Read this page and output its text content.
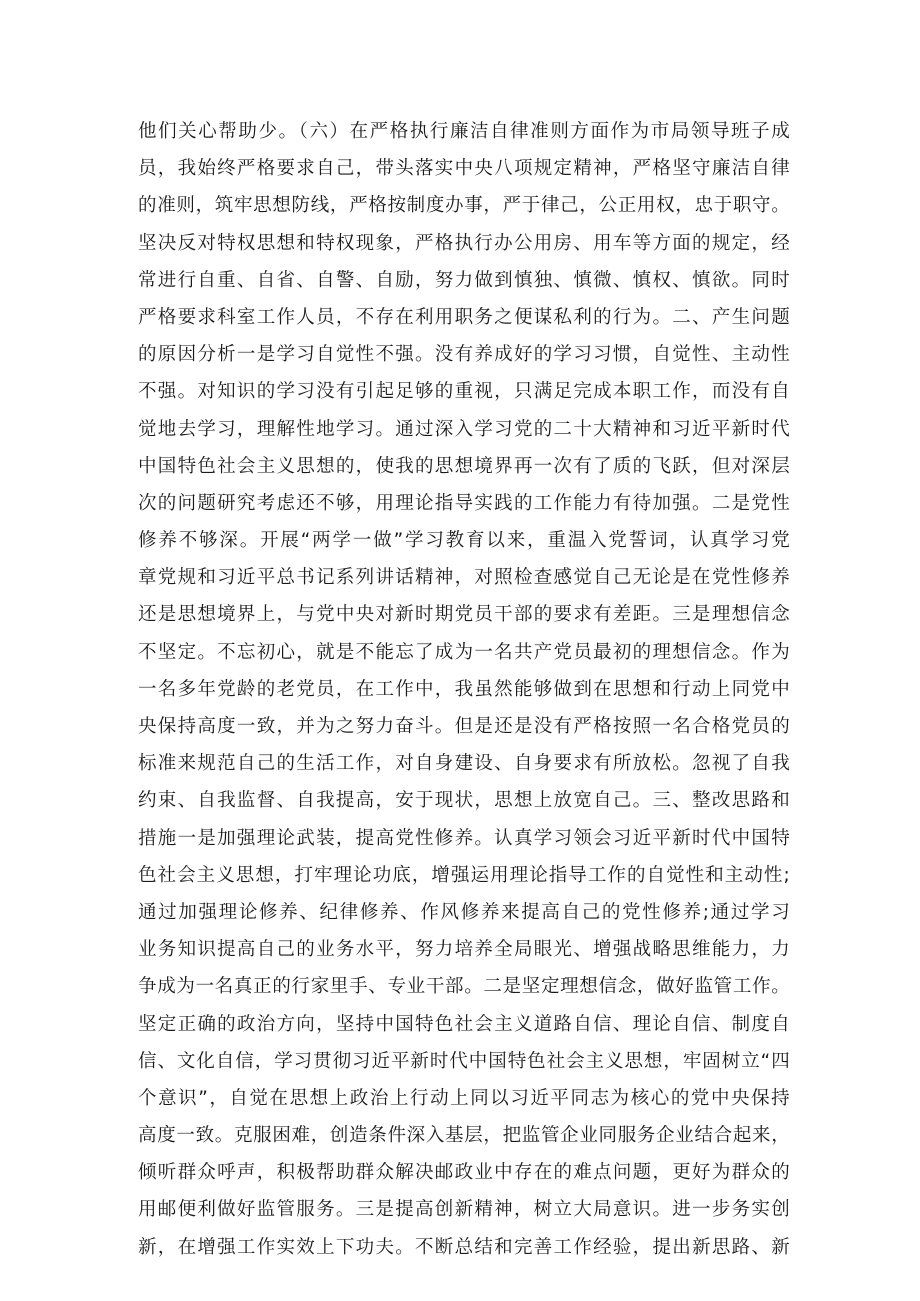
他们关心帮助少。（六）在严格执行廉洁自律准则方面作为市局领导班子成
员，我始终严格要求自己，带头落实中央八项规定精神，严格坚守廉洁自律
的准则，筑牢思想防线，严格按制度办事，严于律己，公正用权，忠于职守。
坚决反对特权思想和特权现象，严格执行办公用房、用车等方面的规定，经
常进行自重、自省、自警、自励，努力做到慎独、慎微、慎权、慎欲。同时
严格要求科室工作人员，不存在利用职务之便谋私利的行为。二、产生问题
的原因分析一是学习自觉性不强。没有养成好的学习习惯，自觉性、主动性
不强。对知识的学习没有引起足够的重视，只满足完成本职工作，而没有自
觉地去学习，理解性地学习。通过深入学习党的二十大精神和习近平新时代
中国特色社会主义思想的，使我的思想境界再一次有了质的飞跃，但对深层
次的问题研究考虑还不够，用理论指导实践的工作能力有待加强。二是党性
修养不够深。开展“两学一做”学习教育以来，重温入党誓词，认真学习党
章党规和习近平总书记系列讲话精神，对照检查感觉自己无论是在党性修养
还是思想境界上，与党中央对新时期党员干部的要求有差距。三是理想信念
不坚定。不忘初心，就是不能忘了成为一名共产党员最初的理想信念。作为
一名多年党龄的老党员，在工作中，我虽然能够做到在思想和行动上同党中
央保持高度一致，并为之努力奋斗。但是还是没有严格按照一名合格党员的
标准来规范自己的生活工作，对自身建设、自身要求有所放松。忽视了自我
约束、自我监督、自我提高，安于现状，思想上放宽自己。三、整改思路和
措施一是加强理论武装，提高党性修养。认真学习领会习近平新时代中国特
色社会主义思想，打牢理论功底，增强运用理论指导工作的自觉性和主动性;
通过加强理论修养、纪律修养、作风修养来提高自己的党性修养;通过学习
业务知识提高自己的业务水平，努力培养全局眼光、增强战略思维能力，力
争成为一名真正的行家里手、专业干部。二是坚定理想信念，做好监管工作。
坚定正确的政治方向，坚持中国特色社会主义道路自信、理论自信、制度自
信、文化自信，学习贯彻习近平新时代中国特色社会主义思想，牢固树立“四
个意识”，自觉在思想上政治上行动上同以习近平同志为核心的党中央保持
高度一致。克服困难，创造条件深入基层，把监管企业同服务企业结合起来，
倾听群众呼声，积极帮助群众解决邮政业中存在的难点问题，更好为群众的
用邮便利做好监管服务。三是提高创新精神，树立大局意识。进一步务实创
新，在增强工作实效上下功夫。不断总结和完善工作经验，提出新思路、新
